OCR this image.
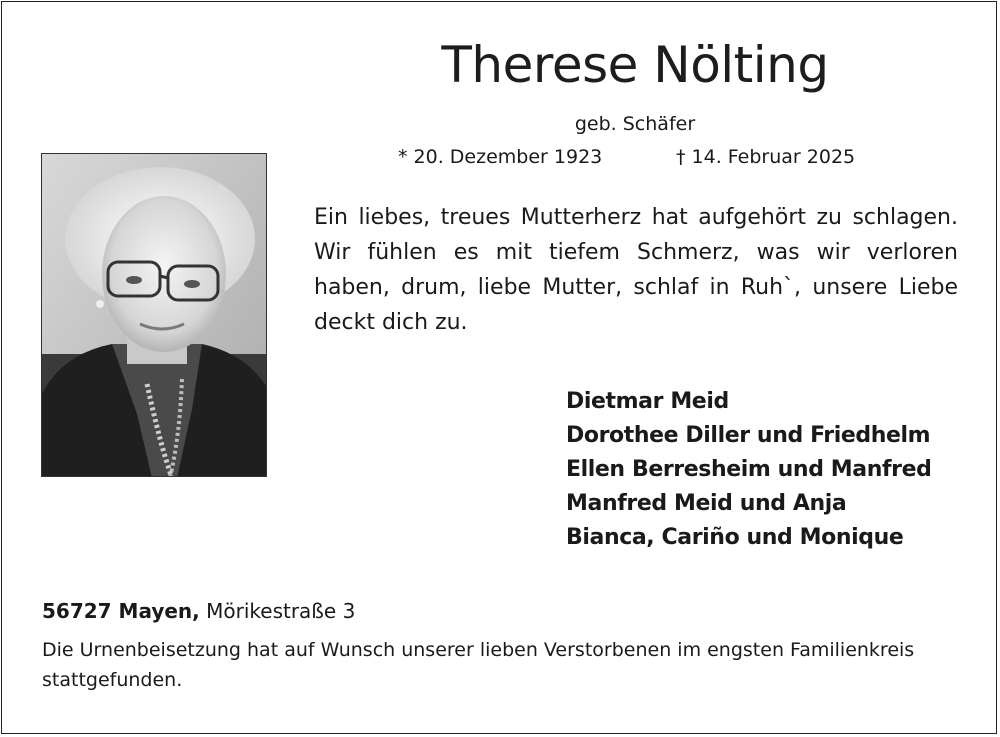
Therese Nölting
geb. Schäfer
* 20. Dezember 1923	† 14. Februar 2025
Ein liebes, treues Mutterherz hat aufgehört zu schlagen. Wir fühlen es mit tiefem Schmerz, was wir verloren haben, drum, liebe Mutter, schlaf in Ruh`, unsere Liebe deckt dich zu.
Dietmar Meid
Dorothee Diller und Friedhelm
Ellen Berresheim und Manfred
Manfred Meid und Anja
Bianca, Cariño und Monique
56727 Mayen, Mörikestraße 3
Die Urnenbeisetzung hat auf Wunsch unserer lieben Verstorbenen im engsten Familienkreis stattgefunden.
